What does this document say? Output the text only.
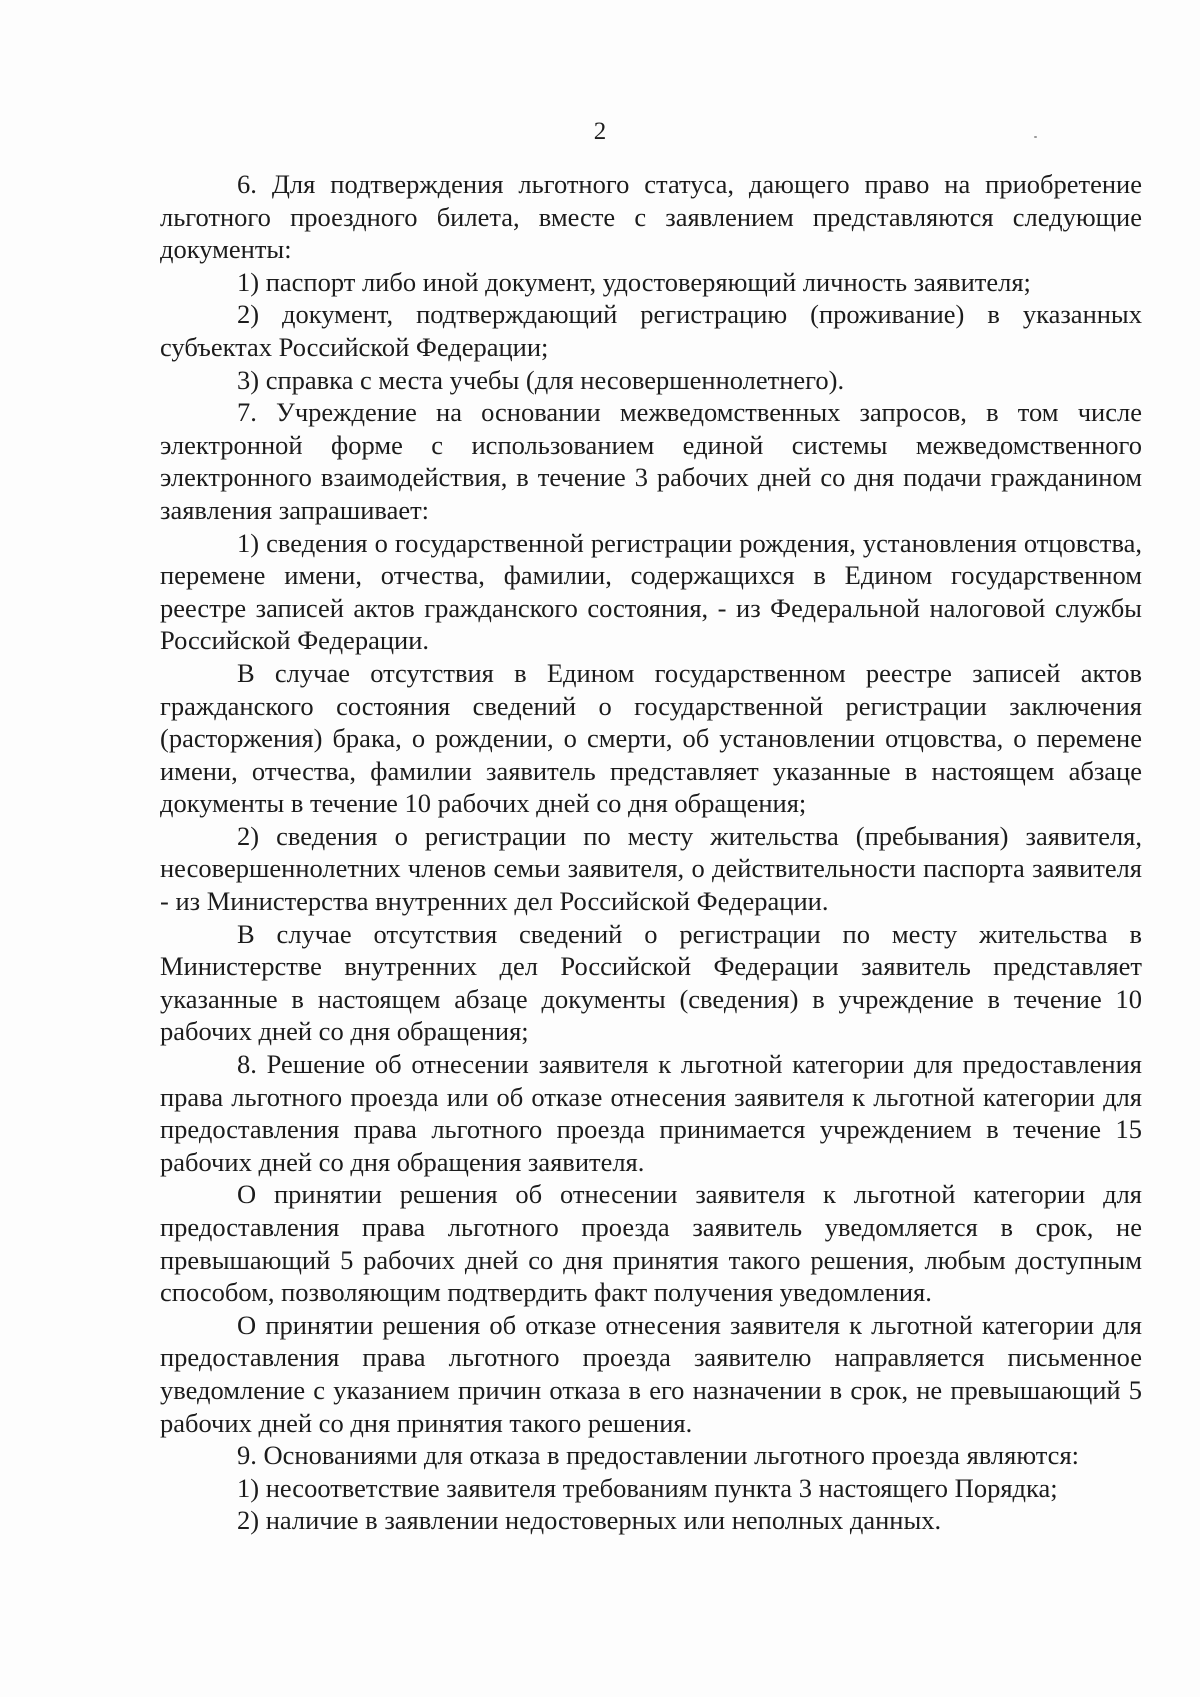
2

6. Для подтверждения льготного статуса, дающего право на приобретение льготного проездного билета, вместе с заявлением представляются следующие документы:

1) паспорт либо иной документ, удостоверяющий личность заявителя;

2) документ, подтверждающий регистрацию (проживание) в указанных субъектах Российской Федерации;

3) справка с места учебы (для несовершеннолетнего).

7. Учреждение на основании межведомственных запросов, в том числе электронной форме с использованием единой системы межведомственного электронного взаимодействия, в течение 3 рабочих дней со дня подачи гражданином заявления запрашивает:

1) сведения о государственной регистрации рождения, установления отцовства, перемене имени, отчества, фамилии, содержащихся в Едином государственном реестре записей актов гражданского состояния, - из Федеральной налоговой службы Российской Федерации.

В случае отсутствия в Едином государственном реестре записей актов гражданского состояния сведений о государственной регистрации заключения (расторжения) брака, о рождении, о смерти, об установлении отцовства, о перемене имени, отчества, фамилии заявитель представляет указанные в настоящем абзаце документы в течение 10 рабочих дней со дня обращения;

2) сведения о регистрации по месту жительства (пребывания) заявителя, несовершеннолетних членов семьи заявителя, о действительности паспорта заявителя - из Министерства внутренних дел Российской Федерации.

В случае отсутствия сведений о регистрации по месту жительства в Министерстве внутренних дел Российской Федерации заявитель представляет указанные в настоящем абзаце документы (сведения) в учреждение в течение 10 рабочих дней со дня обращения;

8. Решение об отнесении заявителя к льготной категории для предоставления права льготного проезда или об отказе отнесения заявителя к льготной категории для предоставления права льготного проезда принимается учреждением в течение 15 рабочих дней со дня обращения заявителя.

О принятии решения об отнесении заявителя к льготной категории для предоставления права льготного проезда заявитель уведомляется в срок, не превышающий 5 рабочих дней со дня принятия такого решения, любым доступным способом, позволяющим подтвердить факт получения уведомления.

О принятии решения об отказе отнесения заявителя к льготной категории для предоставления права льготного проезда заявителю направляется письменное уведомление с указанием причин отказа в его назначении в срок, не превышающий 5 рабочих дней со дня принятия такого решения.

9. Основаниями для отказа в предоставлении льготного проезда являются:

1) несоответствие заявителя требованиям пункта 3 настоящего Порядка;

2) наличие в заявлении недостоверных или неполных данных.
